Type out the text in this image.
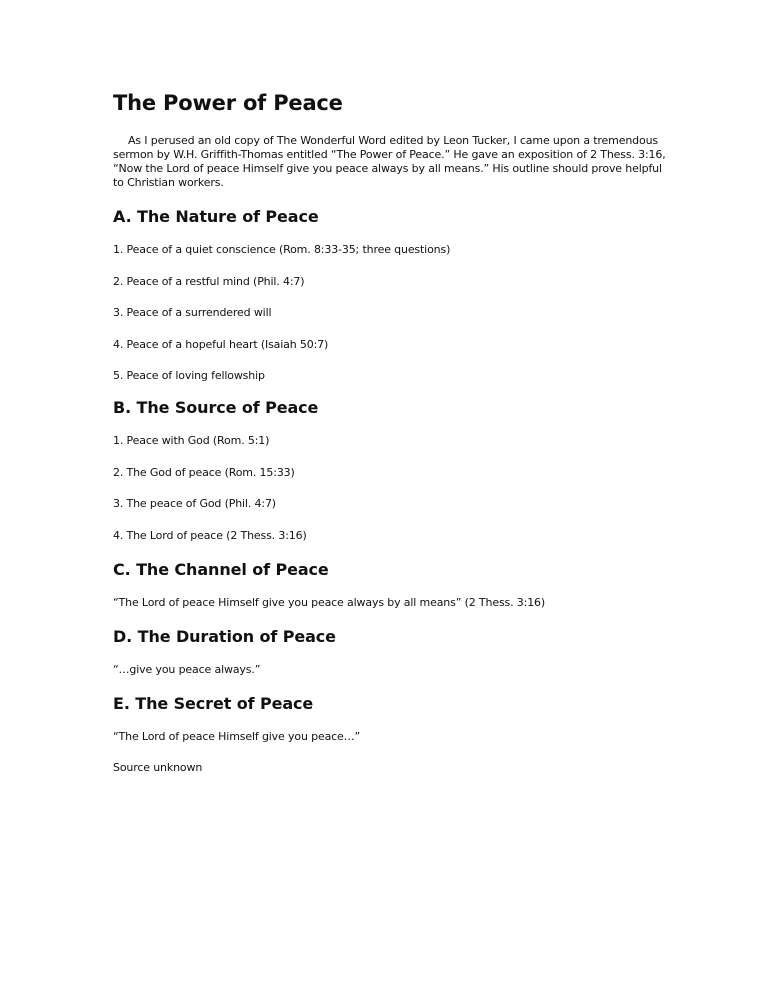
The Power of Peace

As I perused an old copy of The Wonderful Word edited by Leon Tucker, I came upon a tremendous sermon by W.H. Griffith-Thomas entitled “The Power of Peace.” He gave an exposition of 2 Thess. 3:16, “Now the Lord of peace Himself give you peace always by all means.” His outline should prove helpful to Christian workers.

A. The Nature of Peace

1. Peace of a quiet conscience (Rom. 8:33-35; three questions)

2. Peace of a restful mind (Phil. 4:7)

3. Peace of a surrendered will

4. Peace of a hopeful heart (Isaiah 50:7)

5. Peace of loving fellowship

B. The Source of Peace

1. Peace with God (Rom. 5:1)

2. The God of peace (Rom. 15:33)

3. The peace of God (Phil. 4:7)

4. The Lord of peace (2 Thess. 3:16)

C. The Channel of Peace

“The Lord of peace Himself give you peace always by all means” (2 Thess. 3:16)

D. The Duration of Peace

“…give you peace always.”

E. The Secret of Peace

“The Lord of peace Himself give you peace…”

Source unknown
